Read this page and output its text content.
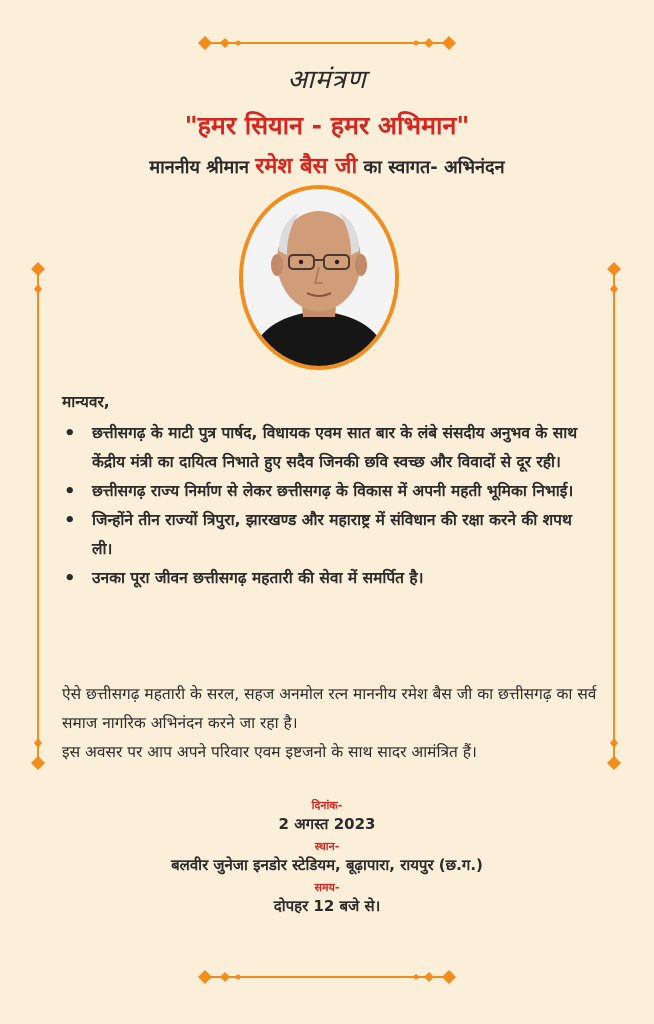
आमंत्रण
"हमर सियान - हमर अभिमान"
माननीय श्रीमान रमेश बैस जी का स्वागत- अभिनंदन
मान्यवर,
• छत्तीसगढ़ के माटी पुत्र पार्षद, विधायक एवम सात बार के लंबे संसदीय अनुभव के साथ केंद्रीय मंत्री का दायित्व निभाते हुए सदैव जिनकी छवि स्वच्छ और विवादों से दूर रही।
• छत्तीसगढ़ राज्य निर्माण से लेकर छत्तीसगढ़ के विकास में अपनी महती भूमिका निभाई।
• जिन्होंने तीन राज्यों त्रिपुरा, झारखण्ड और महाराष्ट्र में संविधान की रक्षा करने की शपथ ली।
• उनका पूरा जीवन छत्तीसगढ़ महतारी की सेवा में समर्पित है।
ऐसे छत्तीसगढ़ महतारी के सरल, सहज अनमोल रत्न माननीय रमेश बैस जी का छत्तीसगढ़ का सर्व समाज नागरिक अभिनंदन करने जा रहा है।
इस अवसर पर आप अपने परिवार एवम इष्टजनो के साथ सादर आमंत्रित हैं।
दिनांक-
2 अगस्त 2023
स्थान-
बलवीर जुनेजा इनडोर स्टेडियम, बूढ़ापारा, रायपुर (छ.ग.)
समय-
दोपहर 12 बजे से।
